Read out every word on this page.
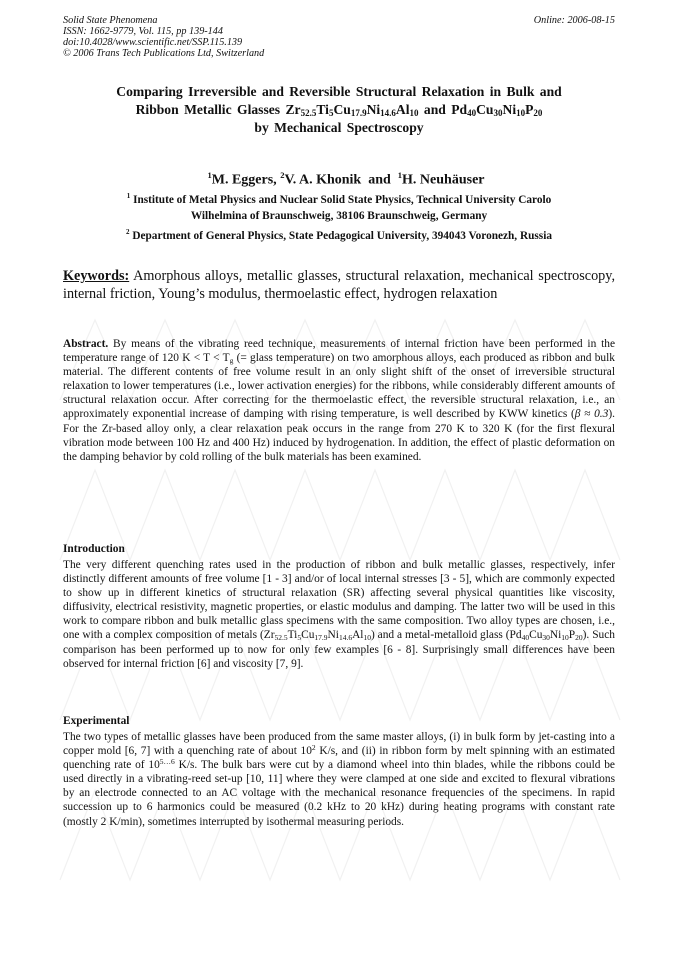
Solid State Phenomena
ISSN: 1662-9779, Vol. 115, pp 139-144
doi:10.4028/www.scientific.net/SSP.115.139
© 2006 Trans Tech Publications Ltd, Switzerland
Online: 2006-08-15
Comparing Irreversible and Reversible Structural Relaxation in Bulk and
Ribbon Metallic Glasses $Zr_{52.5}Ti_5Cu_{17.9}Ni_{14.6}Al_{10}$ and $Pd_{40}Cu_{30}Ni_{10}P_{20}$
by Mechanical Spectroscopy

$^1$M. Eggers, $^2$V. A. Khonik  and  $^1$H. Neuhäuser

$^1$ Institute of Metal Physics and Nuclear Solid State Physics, Technical University Carolo
Wilhelmina of Braunschweig, 38106 Braunschweig, Germany
$^2$ Department of General Physics, State Pedagogical University, 394043 Voronezh, Russia
Keywords: Amorphous alloys, metallic glasses, structural relaxation, mechanical spectroscopy, internal friction, Young’s modulus, thermoelastic effect, hydrogen relaxation
Abstract. By means of the vibrating reed technique, measurements of internal friction have been performed in the temperature range of 120 $K < T < T_g$ (= glass temperature) on two amorphous alloys, each produced as ribbon and bulk material. The different contents of free volume result in an only slight shift of the onset of irreversible structural relaxation to lower temperatures (i.e., lower activation energies) for the ribbons, while considerably different amounts of structural relaxation occur. After correcting for the thermoelastic effect, the reversible structural relaxation, i.e., an approximately exponential increase of damping with rising temperature, is well described by KWW kinetics (β ≈ 0.3). For the Zr-based alloy only, a clear relaxation peak occurs in the range from 270 K to 320 K (for the first flexural vibration mode between 100 Hz and 400 Hz) induced by hydrogenation. In addition, the effect of plastic deformation on the damping behavior by cold rolling of the bulk materials has been examined.
Introduction
The very different quenching rates used in the production of ribbon and bulk metallic glasses, respectively, infer distinctly different amounts of free volume [1 - 3] and/or of local internal stresses [3 - 5], which are commonly expected to show up in different kinetics of structural relaxation (SR) affecting several physical quantities like viscosity, diffusivity, electrical resistivity, magnetic properties, or elastic modulus and damping. The latter two will be used in this work to compare ribbon and bulk metallic glass specimens with the same composition. Two alloy types are chosen, i.e., one with a complex composition of metals $(Zr_{52.5}Ti_5Cu_{17.9}Ni_{14.6}Al_{10})$ and a metal-metalloid glass $(Pd_{40}Cu_{30}Ni_{10}P_{20})$. Such comparison has been performed up to now for only few examples [6 - 8]. Surprisingly small differences have been observed for internal friction [6] and viscosity [7, 9].
Experimental
The two types of metallic glasses have been produced from the same master alloys, (i) in bulk form by jet-casting into a copper mold [6, 7] with a quenching rate of about $10^2$ K/s, and (ii) in ribbon form by melt spinning with an estimated quenching rate of $10^{5\dots 6}$ K/s. The bulk bars were cut by a diamond wheel into thin blades, while the ribbons could be used directly in a vibrating-reed set-up [10, 11] where they were clamped at one side and excited to flexural vibrations by an electrode connected to an AC voltage with the mechanical resonance frequencies of the specimens. In rapid succession up to 6 harmonics could be measured (0.2 kHz to 20 kHz) during heating programs with constant rate (mostly 2 K/min), sometimes interrupted by isothermal measuring periods.
